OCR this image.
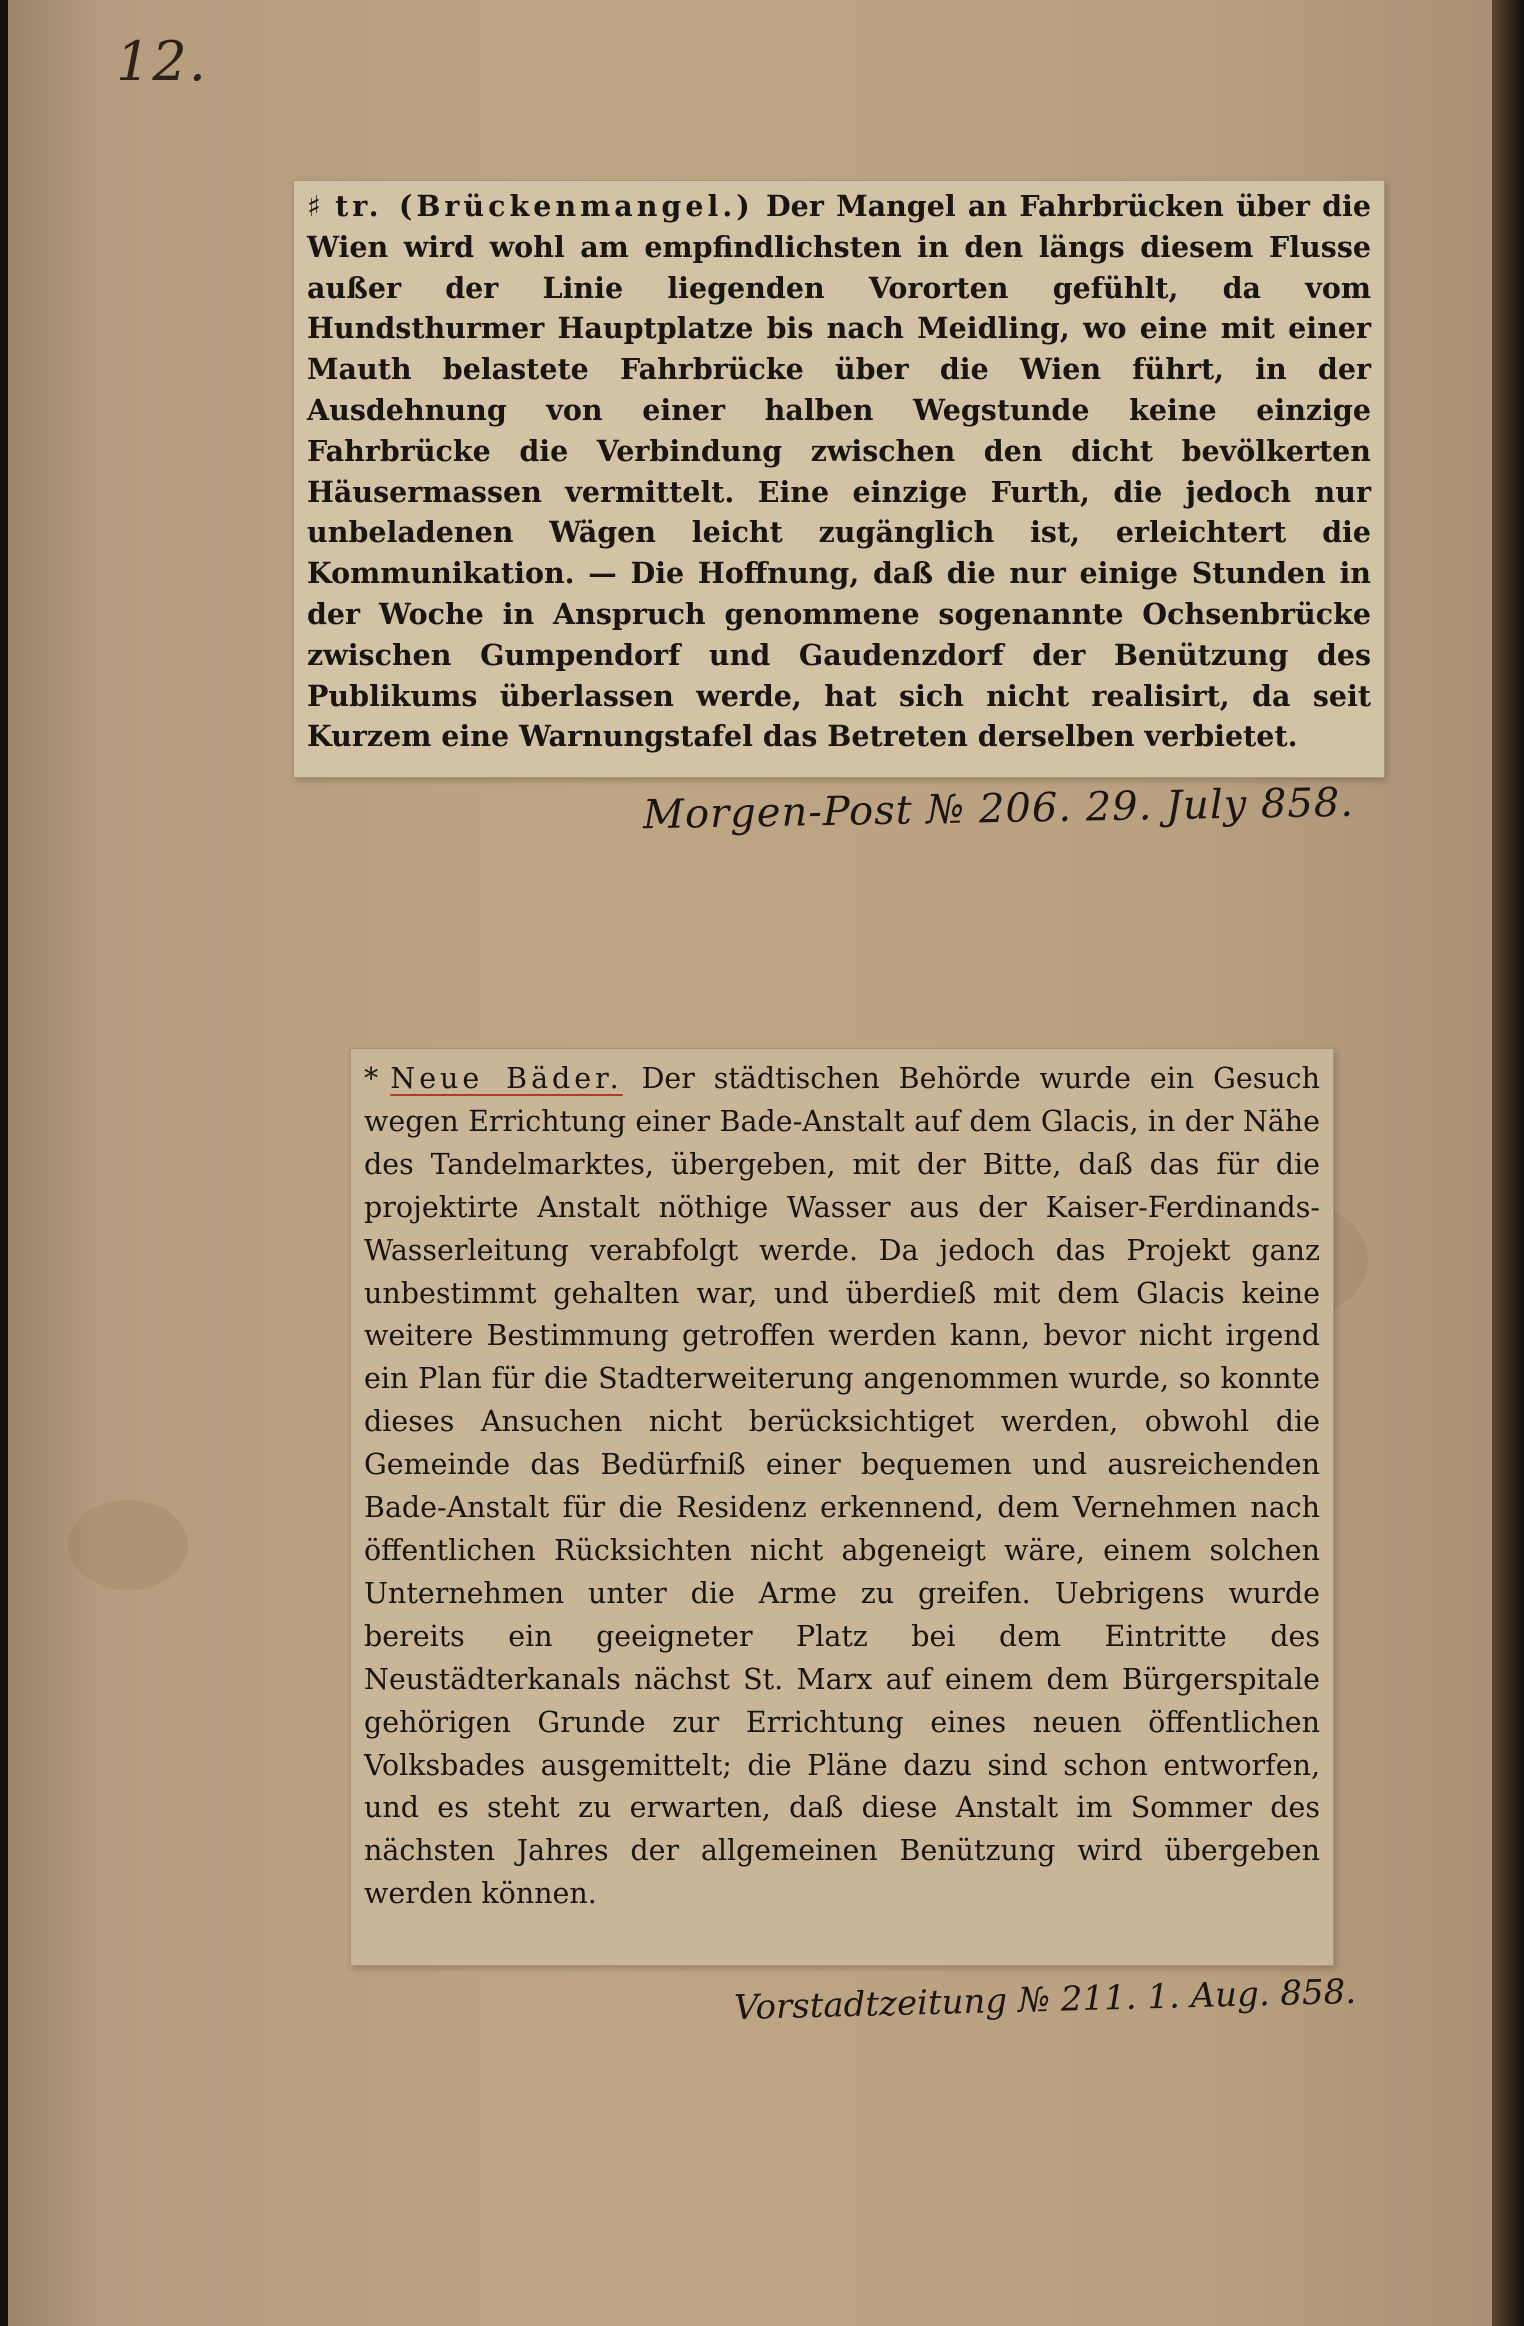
12.
♯ tr. (Brückenmangel.) Der Mangel an Fahrbrücken über die Wien wird wohl am empfindlichsten in den längs diesem Flusse außer der Linie liegenden Vororten gefühlt, da vom Hundsthurmer Hauptplatze bis nach Meidling, wo eine mit einer Mauth belastete Fahrbrücke über die Wien führt, in der Ausdehnung von einer halben Wegstunde keine einzige Fahrbrücke die Verbindung zwischen den dicht bevölkerten Häusermassen vermittelt. Eine einzige Furth, die jedoch nur unbeladenen Wägen leicht zugänglich ist, erleichtert die Kommunikation. — Die Hoffnung, daß die nur einige Stunden in der Woche in Anspruch genommene sogenannte Ochsenbrücke zwischen Gumpendorf und Gaudenzdorf der Benützung des Publikums überlassen werde, hat sich nicht realisirt, da seit Kurzem eine Warnungstafel das Betreten derselben verbietet.
Morgen-Post № 206. 29. July 858.
* Neue Bäder. Der städtischen Behörde wurde ein Gesuch wegen Errichtung einer Bade-Anstalt auf dem Glacis, in der Nähe des Tandelmarktes, übergeben, mit der Bitte, daß das für die projektirte Anstalt nöthige Wasser aus der Kaiser-Ferdinands-Wasserleitung verabfolgt werde. Da jedoch das Projekt ganz unbestimmt gehalten war, und überdieß mit dem Glacis keine weitere Bestimmung getroffen werden kann, bevor nicht irgend ein Plan für die Stadterweiterung angenommen wurde, so konnte dieses Ansuchen nicht berücksichtiget werden, obwohl die Gemeinde das Bedürfniß einer bequemen und ausreichenden Bade-Anstalt für die Residenz erkennend, dem Vernehmen nach öffentlichen Rücksichten nicht abgeneigt wäre, einem solchen Unternehmen unter die Arme zu greifen. Uebrigens wurde bereits ein geeigneter Platz bei dem Eintritte des Neustädterkanals nächst St. Marx auf einem dem Bürgerspitale gehörigen Grunde zur Errichtung eines neuen öffentlichen Volksbades ausgemittelt; die Pläne dazu sind schon entworfen, und es steht zu erwarten, daß diese Anstalt im Sommer des nächsten Jahres der allgemeinen Benützung wird übergeben werden können.
Vorstadtzeitung № 211. 1. Aug. 858.
